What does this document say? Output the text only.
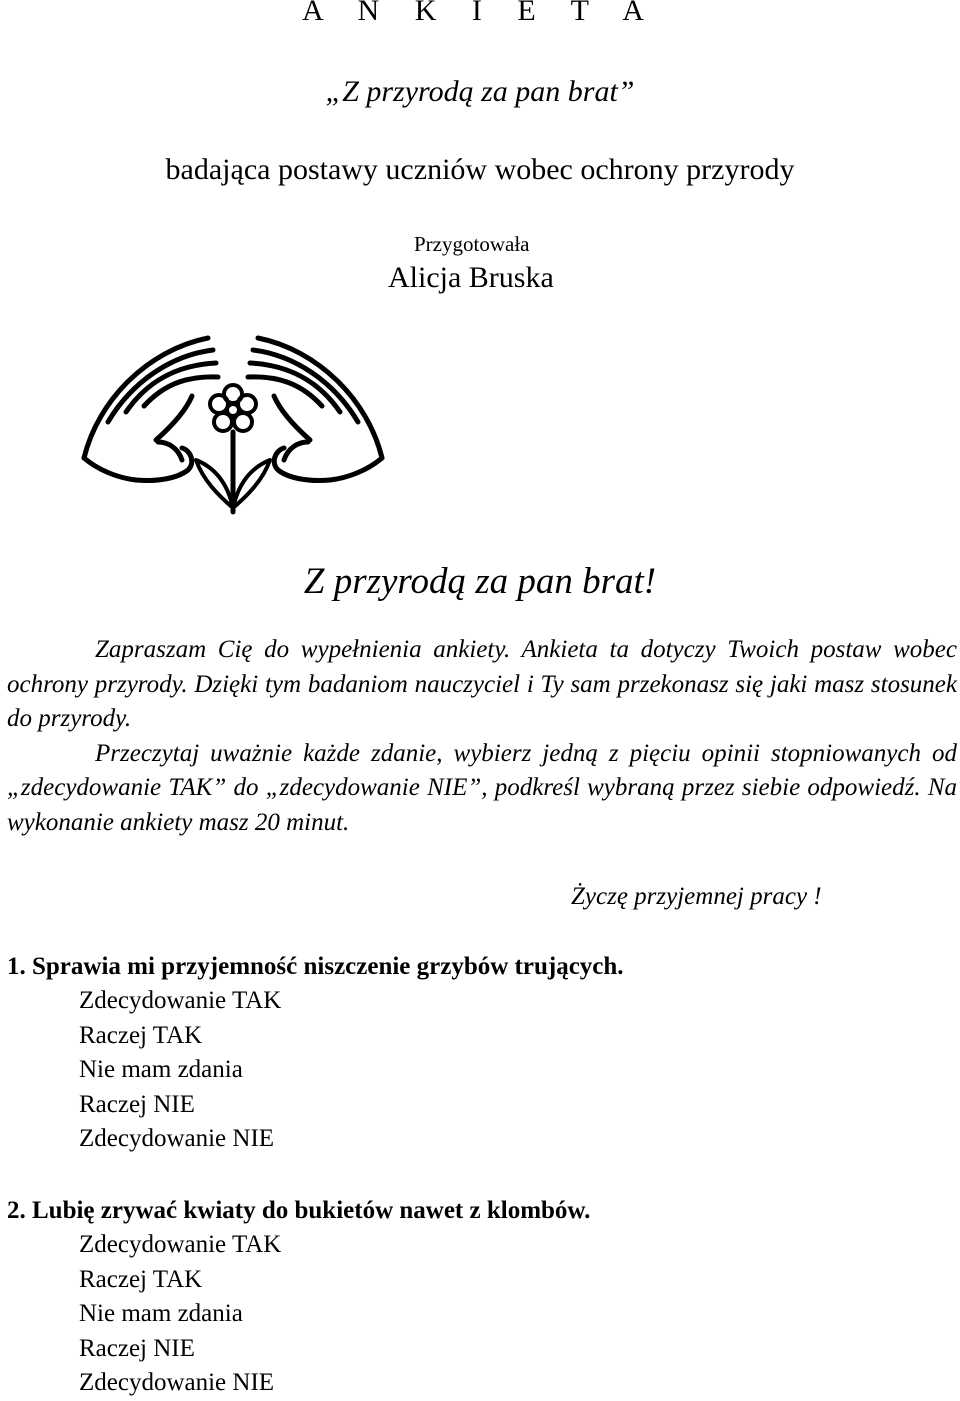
A N K I E T A
„Z przyrodą za pan brat”
badająca postawy uczniów wobec ochrony przyrody
Przygotowała
Alicja Bruska
Z przyrodą za pan brat!

Zapraszam Cię do wypełnienia ankiety. Ankieta ta dotyczy Twoich postaw wobec ochrony przyrody. Dzięki tym badaniom nauczyciel i Ty sam przekonasz się jaki masz stosunek do przyrody.

Przeczytaj uważnie każde zdanie, wybierz jedną z pięciu opinii stopniowanych od „zdecydowanie TAK” do „zdecydowanie NIE”, podkreśl wybraną przez siebie odpowiedź. Na wykonanie ankiety masz 20 minut.

Życzę przyjemnej pracy !
1. Sprawia mi przyjemność niszczenie grzybów trujących.
Zdecydowanie TAK
Raczej TAK
Nie mam zdania
Raczej NIE
Zdecydowanie NIE
2. Lubię zrywać kwiaty do bukietów nawet z klombów.
Zdecydowanie TAK
Raczej TAK
Nie mam zdania
Raczej NIE
Zdecydowanie NIE
